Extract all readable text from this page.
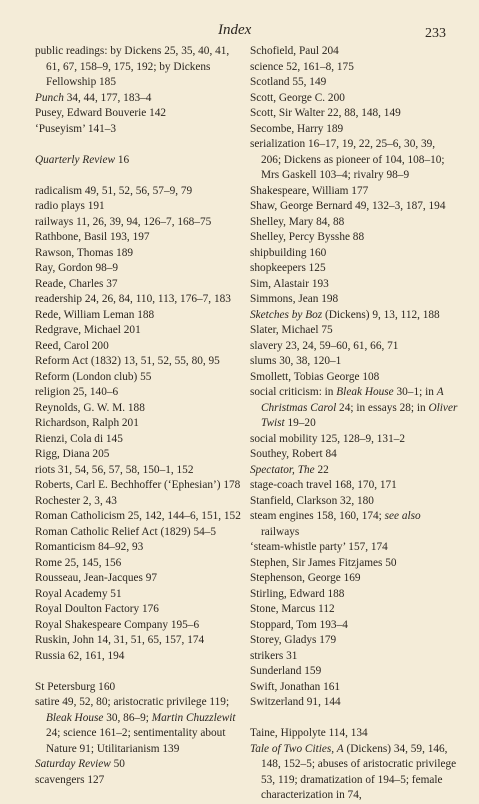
Index	233
public readings: by Dickens 25, 35, 40, 41, 61, 67, 158–9, 175, 192; by Dickens Fellowship 185
Punch 34, 44, 177, 183–4
Pusey, Edward Bouverie 142
‘Puseyism’ 141–3
Quarterly Review 16
radicalism 49, 51, 52, 56, 57–9, 79
radio plays 191
railways 11, 26, 39, 94, 126–7, 168–75
Rathbone, Basil 193, 197
Rawson, Thomas 189
Ray, Gordon 98–9
Reade, Charles 37
readership 24, 26, 84, 110, 113, 176–7, 183
Rede, William Leman 188
Redgrave, Michael 201
Reed, Carol 200
Reform Act (1832) 13, 51, 52, 55, 80, 95
Reform (London club) 55
religion 25, 140–6
Reynolds, G. W. M. 188
Richardson, Ralph 201
Rienzi, Cola di 145
Rigg, Diana 205
riots 31, 54, 56, 57, 58, 150–1, 152
Roberts, Carl E. Bechhoffer (‘Ephesian’) 178
Rochester 2, 3, 43
Roman Catholicism 25, 142, 144–6, 151, 152
Roman Catholic Relief Act (1829) 54–5
Romanticism 84–92, 93
Rome 25, 145, 156
Rousseau, Jean-Jacques 97
Royal Academy 51
Royal Doulton Factory 176
Royal Shakespeare Company 195–6
Ruskin, John 14, 31, 51, 65, 157, 174
Russia 62, 161, 194
St Petersburg 160
satire 49, 52, 80; aristocratic privilege 119; Bleak House 30, 86–9; Martin Chuzzlewit 24; science 161–2; sentimentality about Nature 91; Utilitarianism 139
Saturday Review 50
scavengers 127
Schofield, Paul 204
science 52, 161–8, 175
Scotland 55, 149
Scott, George C. 200
Scott, Sir Walter 22, 88, 148, 149
Secombe, Harry 189
serialization 16–17, 19, 22, 25–6, 30, 39, 206; Dickens as pioneer of 104, 108–10; Mrs Gaskell 103–4; rivalry 98–9
Shakespeare, William 177
Shaw, George Bernard 49, 132–3, 187, 194
Shelley, Mary 84, 88
Shelley, Percy Bysshe 88
shipbuilding 160
shopkeepers 125
Sim, Alastair 193
Simmons, Jean 198
Sketches by Boz (Dickens) 9, 13, 112, 188
Slater, Michael 75
slavery 23, 24, 59–60, 61, 66, 71
slums 30, 38, 120–1
Smollett, Tobias George 108
social criticism: in Bleak House 30–1; in A Christmas Carol 24; in essays 28; in Oliver Twist 19–20
social mobility 125, 128–9, 131–2
Southey, Robert 84
Spectator, The 22
stage-coach travel 168, 170, 171
Stanfield, Clarkson 32, 180
steam engines 158, 160, 174; see also railways
‘steam-whistle party’ 157, 174
Stephen, Sir James Fitzjames 50
Stephenson, George 169
Stirling, Edward 188
Stone, Marcus 112
Stoppard, Tom 193–4
Storey, Gladys 179
strikers 31
Sunderland 159
Swift, Jonathan 161
Switzerland 91, 144
Taine, Hippolyte 114, 134
Tale of Two Cities, A (Dickens) 34, 59, 146, 148, 152–5; abuses of aristocratic privilege 53, 119; dramatization of 194–5; female characterization in 74,
